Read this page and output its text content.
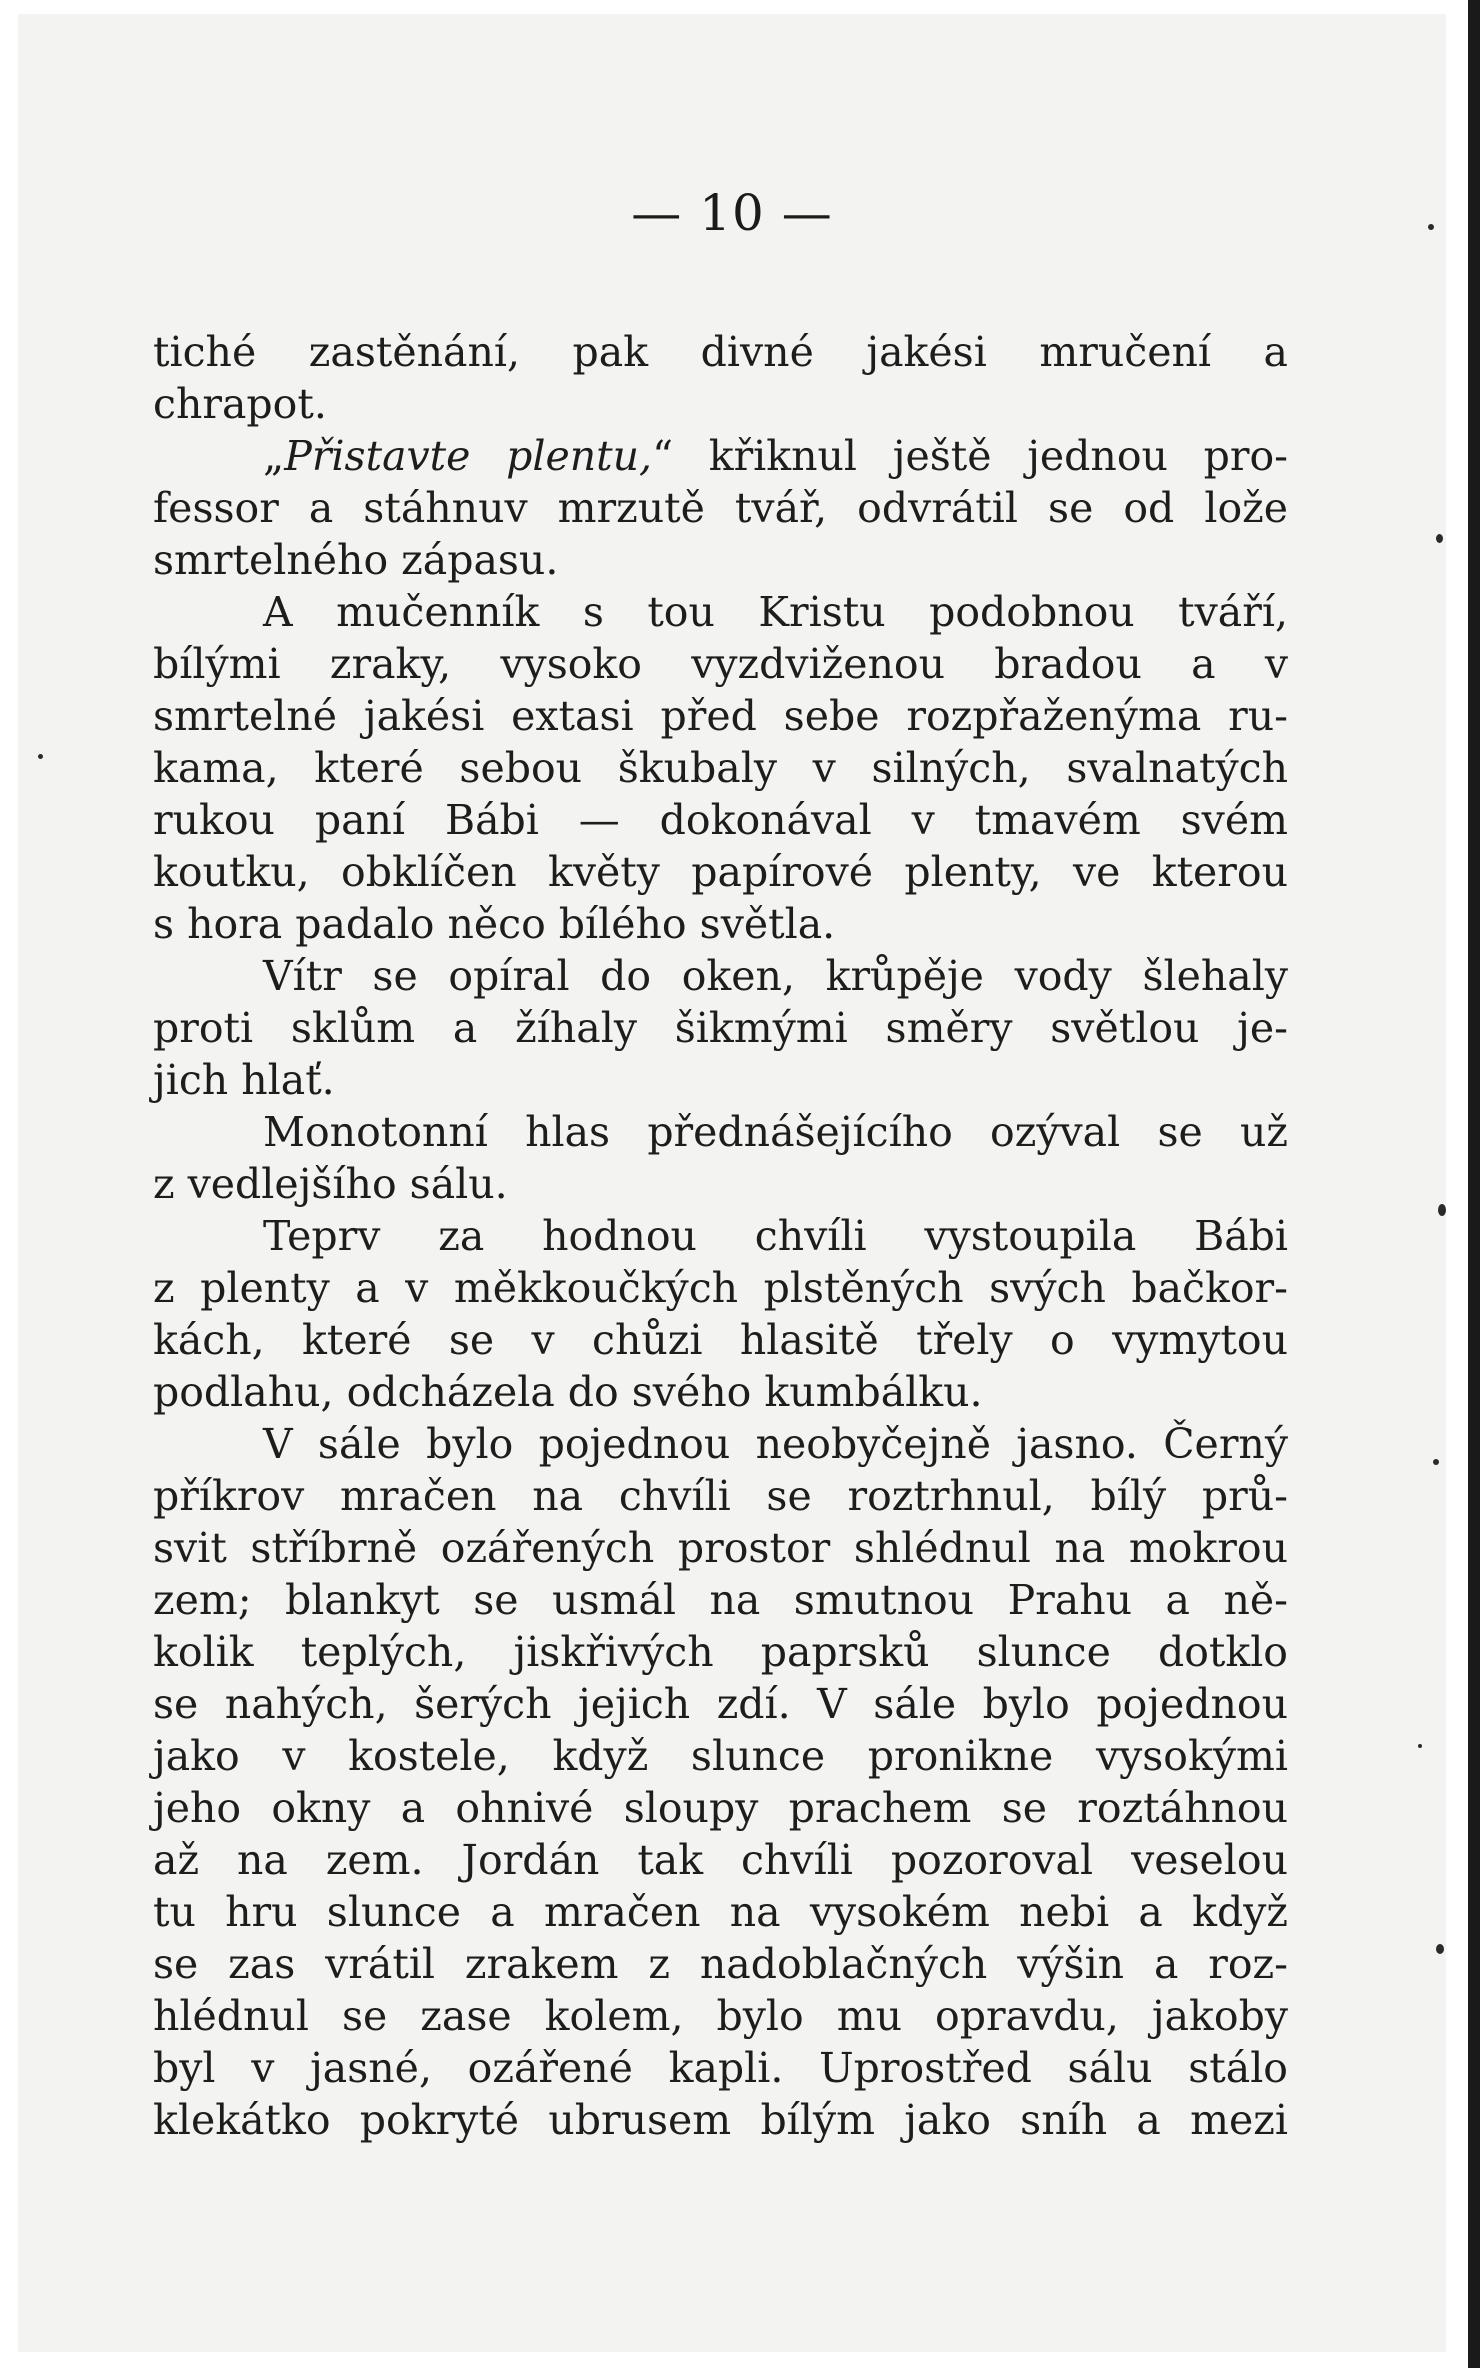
— 10 —
tiché zastěnání, pak divné jakési mručení a
chrapot.
„Přistavte plentu,“ křiknul ještě jednou pro-
fessor a stáhnuv mrzutě tvář, odvrátil se od lože
smrtelného zápasu.
A mučenník s tou Kristu podobnou tváří,
bílými zraky, vysoko vyzdviženou bradou a v
smrtelné jakési extasi před sebe rozpřaženýma ru-
kama, které sebou škubaly v silných, svalnatých
rukou paní Bábi — dokonával v tmavém svém
koutku, obklíčen květy papírové plenty, ve kterou
s hora padalo něco bílého světla.
Vítr se opíral do oken, krůpěje vody šlehaly
proti sklům a žíhaly šikmými směry světlou je-
jich hlať.
Monotonní hlas přednášejícího ozýval se už
z vedlejšího sálu.
Teprv za hodnou chvíli vystoupila Bábi
z plenty a v měkkoučkých plstěných svých bačkor-
kách, které se v chůzi hlasitě třely o vymytou
podlahu, odcházela do svého kumbálku.
V sále bylo pojednou neobyčejně jasno. Černý
příkrov mračen na chvíli se roztrhnul, bílý prů-
svit stříbrně ozářených prostor shlédnul na mokrou
zem; blankyt se usmál na smutnou Prahu a ně-
kolik teplých, jiskřivých paprsků slunce dotklo
se nahých, šerých jejich zdí. V sále bylo pojednou
jako v kostele, když slunce pronikne vysokými
jeho okny a ohnivé sloupy prachem se roztáhnou
až na zem. Jordán tak chvíli pozoroval veselou
tu hru slunce a mračen na vysokém nebi a když
se zas vrátil zrakem z nadoblačných výšin a roz-
hlédnul se zase kolem, bylo mu opravdu, jakoby
byl v jasné, ozářené kapli. Uprostřed sálu stálo
klekátko pokryté ubrusem bílým jako sníh a mezi
